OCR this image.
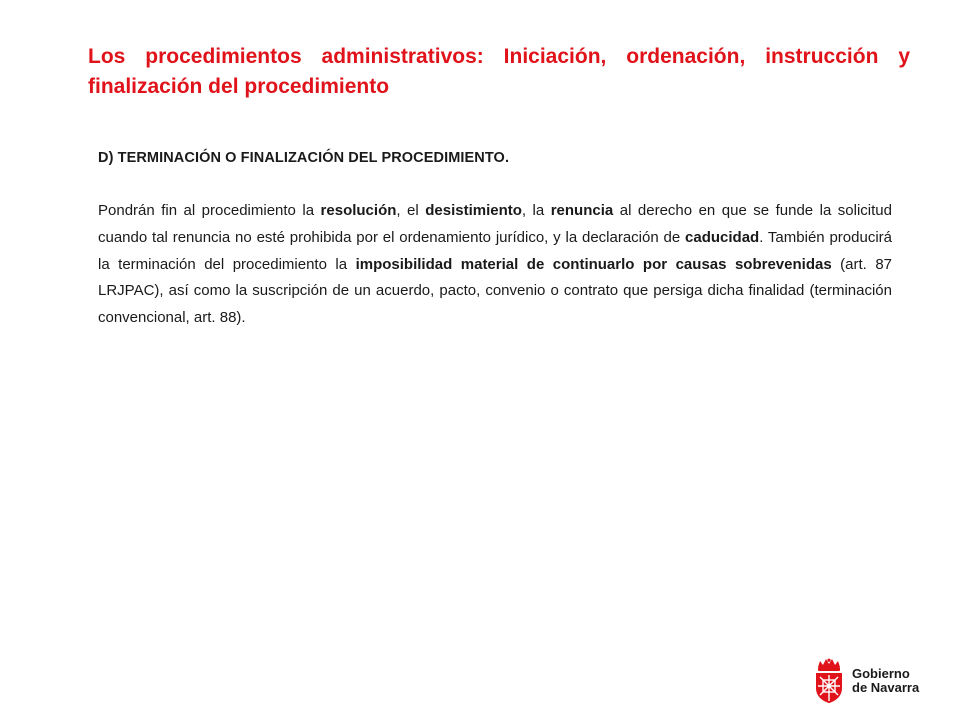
Los procedimientos administrativos: Iniciación, ordenación, instrucción y finalización del procedimiento
D) TERMINACIÓN O FINALIZACIÓN DEL PROCEDIMIENTO.

Pondrán fin al procedimiento la resolución, el desistimiento, la renuncia al derecho en que se funde la solicitud cuando tal renuncia no esté prohibida por el ordenamiento jurídico, y la declaración de caducidad. También producirá la terminación del procedimiento la imposibilidad material de continuarlo por causas sobrevenidas (art. 87 LRJPAC), así como la suscripción de un acuerdo, pacto, convenio o contrato que persiga dicha finalidad (terminación convencional, art. 88).

Gobierno
de Navarra
